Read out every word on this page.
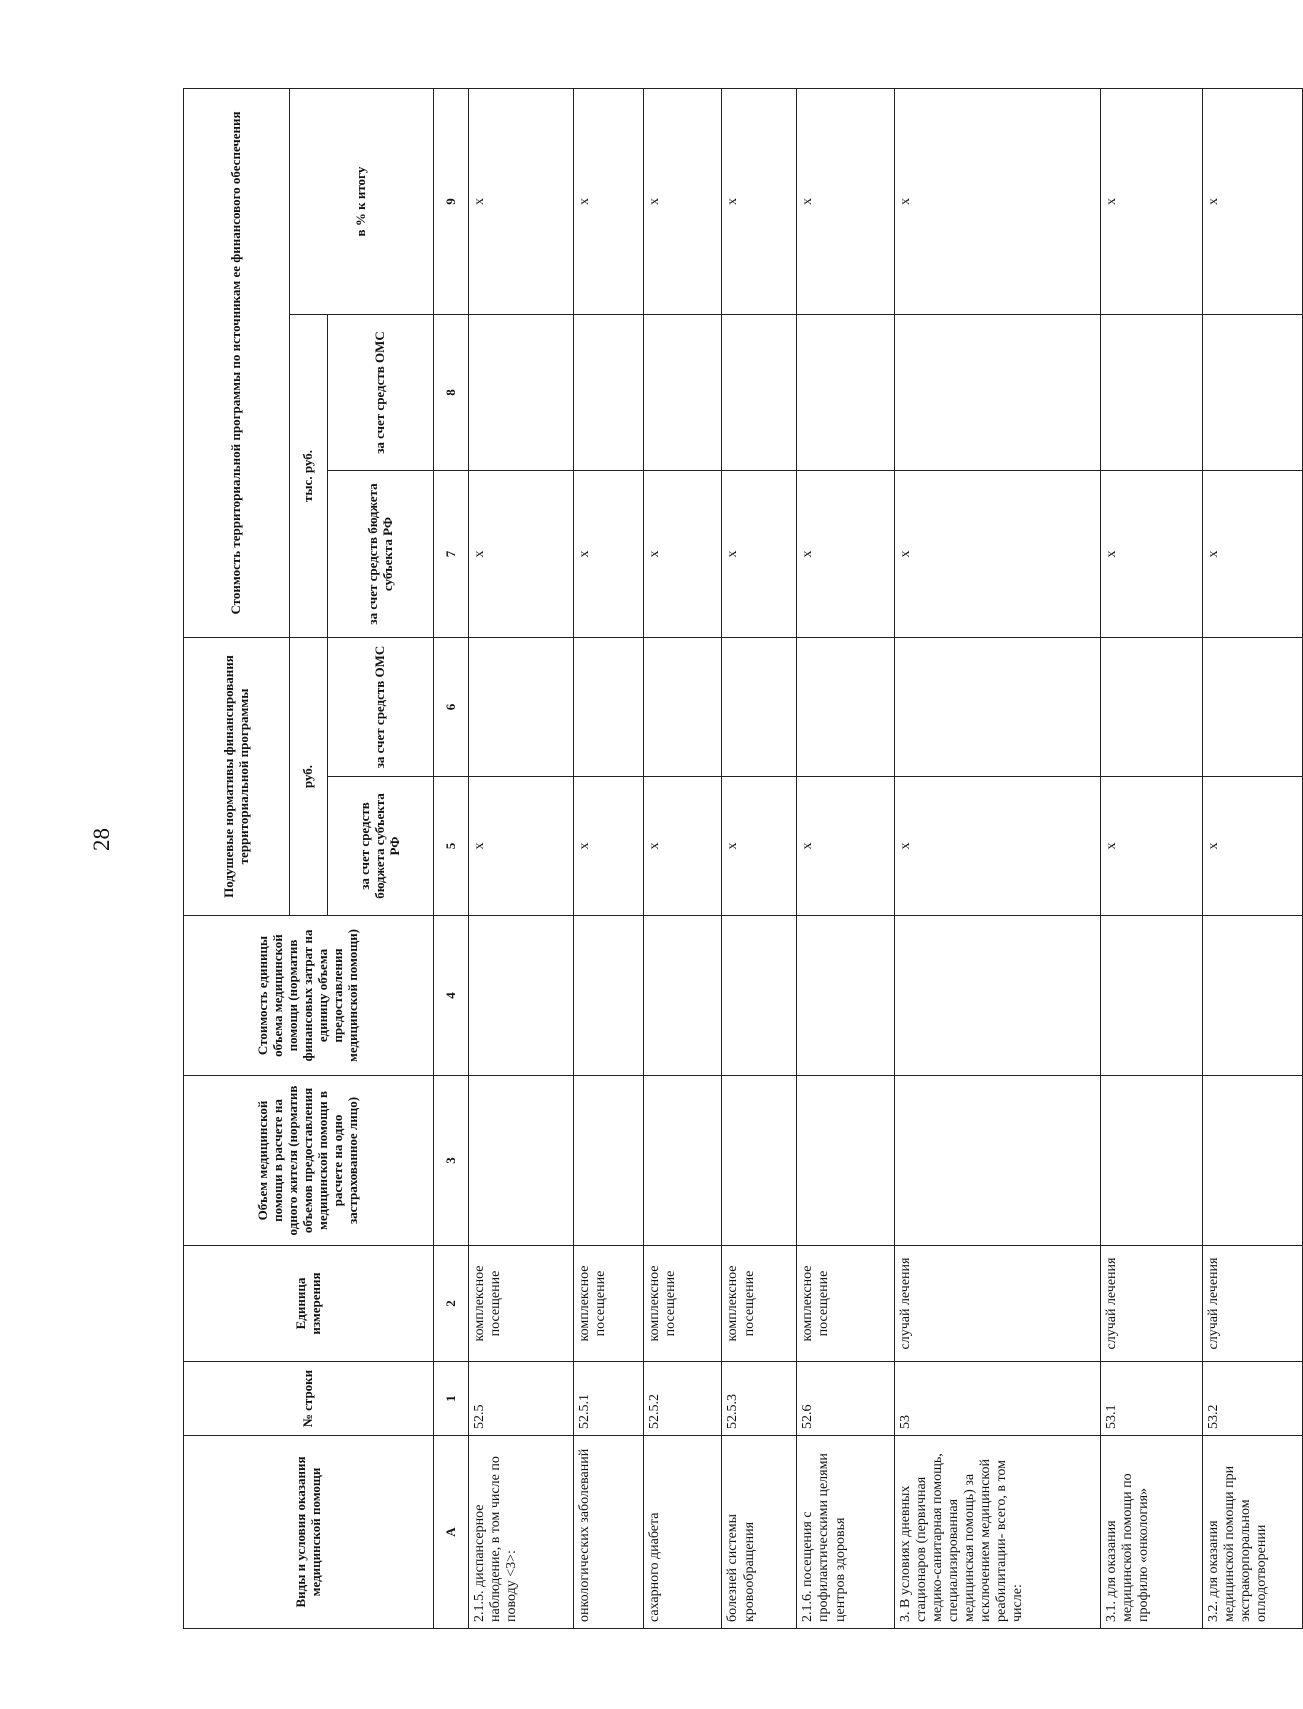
28
Виды и условия оказания медицинской помощи	№ строки	Единица измерения	Объем медицинской помощи в расчете на одного жителя (норматив объемов предоставления медицинской помощи в расчете на одно застрахованное лицо)	Стоимость единицы объема медицинской помощи (норматив финансовых затрат на единицу объема предоставления медицинской помощи)	Подушевые нормативы финансирования территориальной программы		Стоимость территориальной программы по источникам ее финансового обеспечения		
					руб.		тыс. руб.		в % к итогу
					за счет средств бюджета субъекта РФ	за счет средств ОМС	за счет средств бюджета субъекта РФ	за счет средств ОМС	
А	1	2	3	4	5	6	7	8	9
2.1.5. диспансерное наблюдение, в том числе по поводу <3>:	52.5	комплексное посещение			x		x		x
онкологических заболеваний	52.5.1	комплексное посещение			x		x		x
сахарного диабета	52.5.2	комплексное посещение			x		x		x
болезней системы кровообращения	52.5.3	комплексное посещение			x		x		x
2.1.6. посещения с профилактическими целями центров здоровья	52.6	комплексное посещение			x		x		x
3. В условиях дневных стационаров (первичная медико-санитарная помощь, специализированная медицинская помощь) за исключением медицинской реабилитации- всего, в том числе:	53	случай лечения			x		x		x
3.1. для оказания медицинской помощи по профилю «онкология»	53.1	случай лечения			x		x		x
3.2. для оказания медицинской помощи при экстракорпоральном оплодотворении	53.2	случай лечения			x		x		x
